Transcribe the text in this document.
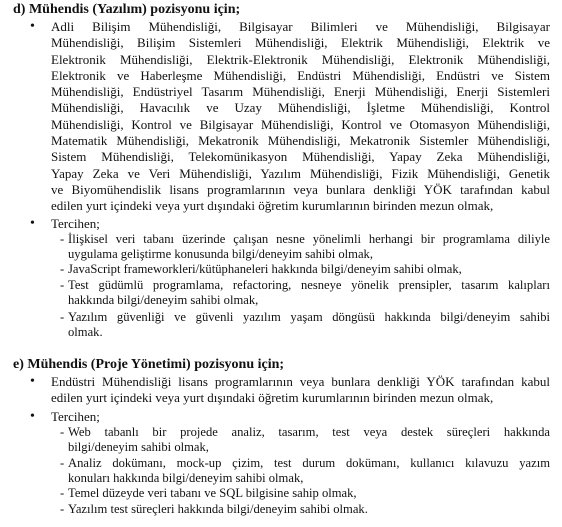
d) Mühendis (Yazılım) pozisyonu için;
• Adli Bilişim Mühendisliği, Bilgisayar Bilimleri ve Mühendisliği, Bilgisayar
Mühendisliği, Bilişim Sistemleri Mühendisliği, Elektrik Mühendisliği, Elektrik ve
Elektronik Mühendisliği, Elektrik-Elektronik Mühendisliği, Elektronik Mühendisliği,
Elektronik ve Haberleşme Mühendisliği, Endüstri Mühendisliği, Endüstri ve Sistem
Mühendisliği, Endüstriyel Tasarım Mühendisliği, Enerji Mühendisliği, Enerji Sistemleri
Mühendisliği, Havacılık ve Uzay Mühendisliği, İşletme Mühendisliği, Kontrol
Mühendisliği, Kontrol ve Bilgisayar Mühendisliği, Kontrol ve Otomasyon Mühendisliği,
Matematik Mühendisliği, Mekatronik Mühendisliği, Mekatronik Sistemler Mühendisliği,
Sistem Mühendisliği, Telekomünikasyon Mühendisliği, Yapay Zeka Mühendisliği,
Yapay Zeka ve Veri Mühendisliği, Yazılım Mühendisliği, Fizik Mühendisliği, Genetik
ve Biyomühendislik lisans programlarının veya bunlara denkliği YÖK tarafından kabul
edilen yurt içindeki veya yurt dışındaki öğretim kurumlarının birinden mezun olmak,
• Tercihen;
- İlişkisel veri tabanı üzerinde çalışan nesne yönelimli herhangi bir programlama diliyle
uygulama geliştirme konusunda bilgi/deneyim sahibi olmak,
- JavaScript frameworkleri/kütüphaneleri hakkında bilgi/deneyim sahibi olmak,
- Test güdümlü programlama, refactoring, nesneye yönelik prensipler, tasarım kalıpları
hakkında bilgi/deneyim sahibi olmak,
- Yazılım güvenliği ve güvenli yazılım yaşam döngüsü hakkında bilgi/deneyim sahibi
olmak.
e) Mühendis (Proje Yönetimi) pozisyonu için;
• Endüstri Mühendisliği lisans programlarının veya bunlara denkliği YÖK tarafından kabul
edilen yurt içindeki veya yurt dışındaki öğretim kurumlarının birinden mezun olmak,
• Tercihen;
- Web tabanlı bir projede analiz, tasarım, test veya destek süreçleri hakkında
bilgi/deneyim sahibi olmak,
- Analiz dokümanı, mock-up çizim, test durum dokümanı, kullanıcı kılavuzu yazım
konuları hakkında bilgi/deneyim sahibi olmak,
- Temel düzeyde veri tabanı ve SQL bilgisine sahip olmak,
- Yazılım test süreçleri hakkında bilgi/deneyim sahibi olmak.
